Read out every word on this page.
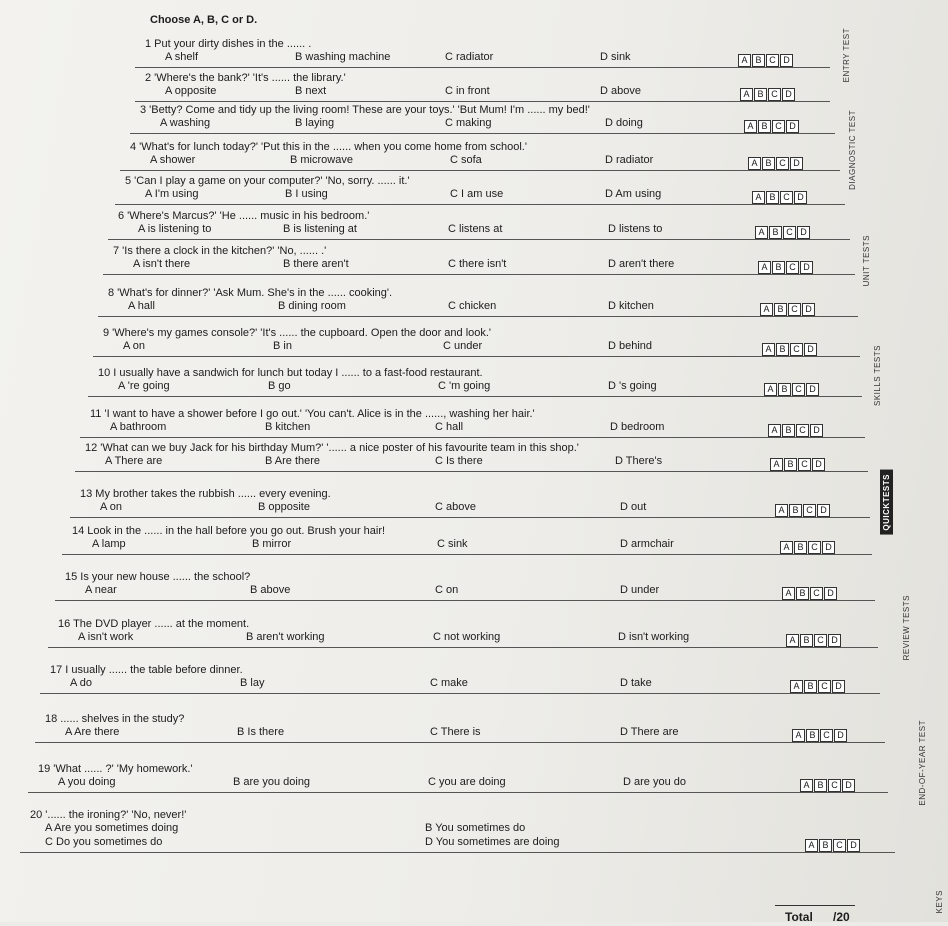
Choose A, B, C or D.
1 Put your dirty dishes in the ...... .
A shelf	B washing machine	C radiator	D sink	A B C D
2 'Where's the bank?' 'It's ...... the library.'
A opposite	B next	C in front	D above	A B C D
3 'Betty? Come and tidy up the living room! These are your toys.' 'But Mum! I'm ...... my bed!'
A washing	B laying	C making	D doing	A B C D
4 'What's for lunch today?' 'Put this in the ...... when you come home from school.'
A shower	B microwave	C sofa	D radiator	A B C D
5 'Can I play a game on your computer?' 'No, sorry. ...... it.'
A I'm using	B I using	C I am use	D Am using	A B C D
6 'Where's Marcus?' 'He ...... music in his bedroom.'
A is listening to	B is listening at	C listens at	D listens to	A B C D
7 'Is there a clock in the kitchen?' 'No, ...... .'
A isn't there	B there aren't	C there isn't	D aren't there	A B C D
8 'What's for dinner?' 'Ask Mum. She's in the ...... cooking'.
A hall	B dining room	C chicken	D kitchen	A B C D
9 'Where's my games console?' 'It's ...... the cupboard. Open the door and look.'
A on	B in	C under	D behind	A B C D
10 I usually have a sandwich for lunch but today I ...... to a fast-food restaurant.
A 're going	B go	C 'm going	D 's going	A B C D
11 'I want to have a shower before I go out.' 'You can't. Alice is in the ......, washing her hair.'
A bathroom	B kitchen	C hall	D bedroom	A B C D
12 'What can we buy Jack for his birthday Mum?' '...... a nice poster of his favourite team in this shop.'
A There are	B Are there	C Is there	D There's	A B C D
13 My brother takes the rubbish ...... every evening.
A on	B opposite	C above	D out	A B C D
14 Look in the ...... in the hall before you go out. Brush your hair!
A lamp	B mirror	C sink	D armchair	A B C D
15 Is your new house ...... the school?
A near	B above	C on	D under	A B C D
16 The DVD player ...... at the moment.
A isn't work	B aren't working	C not working	D isn't working	A B C D
17 I usually ...... the table before dinner.
A do	B lay	C make	D take	A B C D
18 ...... shelves in the study?
A Are there	B Is there	C There is	D There are	A B C D
19 'What ...... ?' 'My homework.'
A you doing	B are you doing	C you are doing	D are you do	A B C D
20 '...... the ironing?' 'No, never!'
A Are you sometimes doing	B You sometimes do
C Do you sometimes do	D You sometimes are doing	A B C D
ENTRY TEST
DIAGNOSTIC TEST
UNIT TESTS
SKILLS TESTS
QUICKTESTS
REVIEW TESTS
END-OF-YEAR TEST
KEYS
Total /20
